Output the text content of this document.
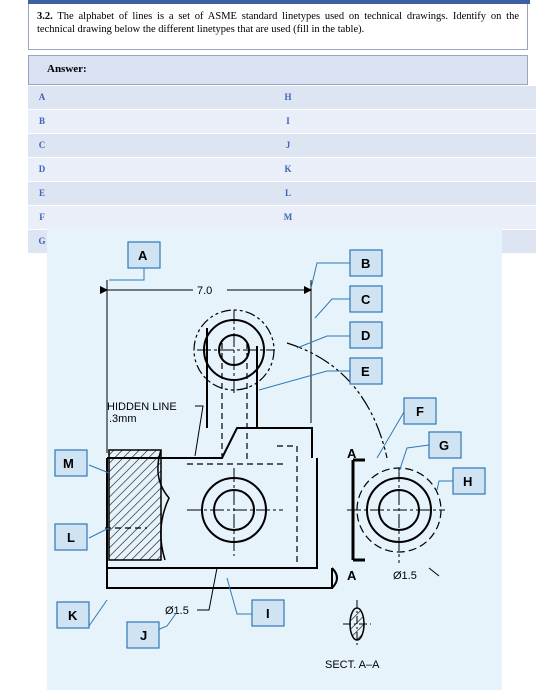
3.2. The alphabet of lines is a set of ASME standard linetypes used on technical drawings. Identify on the technical drawing below the different linetypes that are used (fill in the table).
Answer:
A	H
B	I
C	J
D	K
E	L
F	M
G
7.0
A
A
SECT. A–A
HIDDEN LINE
.3mm
Ø1.5
Ø1.5
A
B
C
D
E
F
G
H
I
J
K
L
M
